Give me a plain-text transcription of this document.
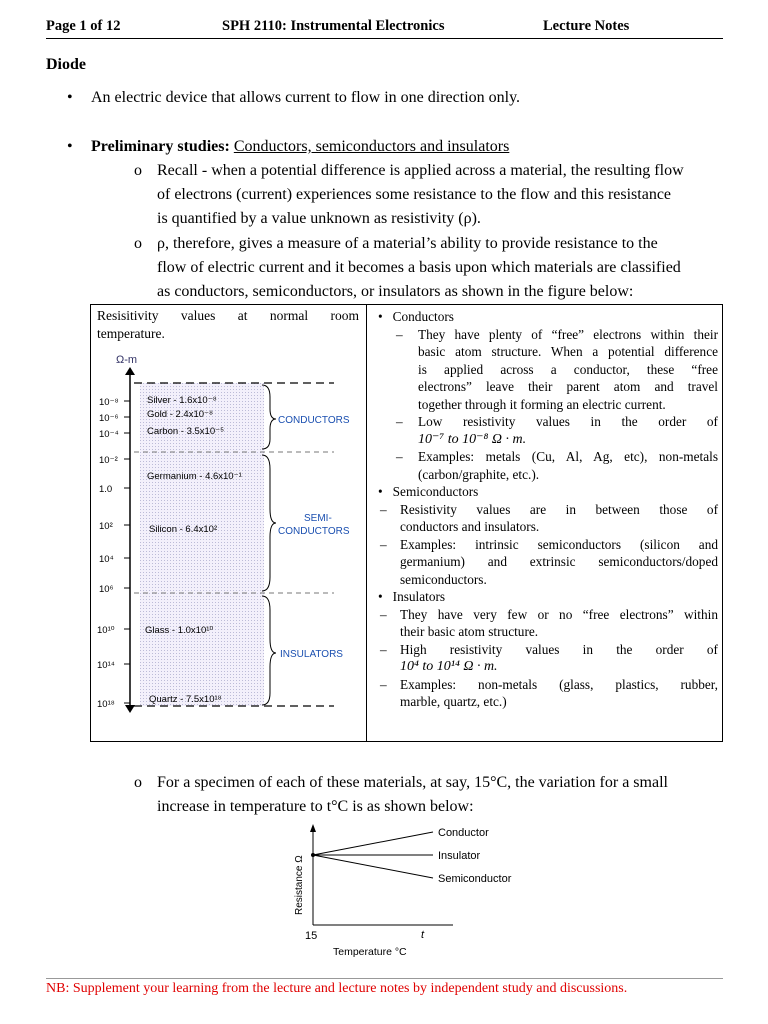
Page 1 of 12	SPH 2110: Instrumental Electronics	Lecture Notes
Diode
• An electric device that allows current to flow in one direction only.
• Preliminary studies: Conductors, semiconductors and insulators
o Recall - when a potential difference is applied across a material, the resulting flow
of electrons (current) experiences some resistance to the flow and this resistance
is quantified by a value unknown as resistivity (ρ).
o ρ, therefore, gives a measure of a material’s ability to provide resistance to the
flow of electric current and it becomes a basis upon which materials are classified
as conductors, semiconductors, or insulators as shown in the figure below:
Resisitivity values at normal room
temperature.
Ω-m
10⁻⁸
10⁻⁶
10⁻⁴
10⁻²
1.0
10²
10⁴
10⁶
10¹⁰
10¹⁴
10¹⁸
Silver - 1.6x10⁻⁸
Gold - 2.4x10⁻⁸
Carbon - 3.5x10⁻⁵
Germanium - 4.6x10⁻¹
Silicon - 6.4x10²
Glass - 1.0x10¹⁰
Quartz - 7.5x10¹⁸
CONDUCTORS
SEMI-
CONDUCTORS
INSULATORS
• Conductors
– They have plenty of “free” electrons within their
basic atom structure. When a potential difference
is applied across a conductor, these “free
electrons” leave their parent atom and travel
together through it forming an electric current.
– Low     resistivity     values     in     the     order     of
10⁻⁷ to 10⁻⁸ Ω · m.
– Examples: metals (Cu, Al, Ag, etc), non-metals
(carbon/graphite, etc.).
• Semiconductors
– Resistivity values are in between those of
conductors and insulators.
– Examples: intrinsic semiconductors (silicon and
germanium) and extrinsic semiconductors/doped
semiconductors.
• Insulators
– They have very few or no “free electrons” within
their basic atom structure.
– High     resistivity     values     in     the     order     of
10⁴ to 10¹⁴ Ω · m.
– Examples: non-metals (glass, plastics, rubber,
marble, quartz, etc.)
o For a specimen of each of these materials, at say, 15°C, the variation for a small
increase in temperature to t°C is as shown below:
Resistance Ω
15	t
Temperature °C
Conductor
Insulator
Semiconductor
NB: Supplement your learning from the lecture and lecture notes by independent study and discussions.
